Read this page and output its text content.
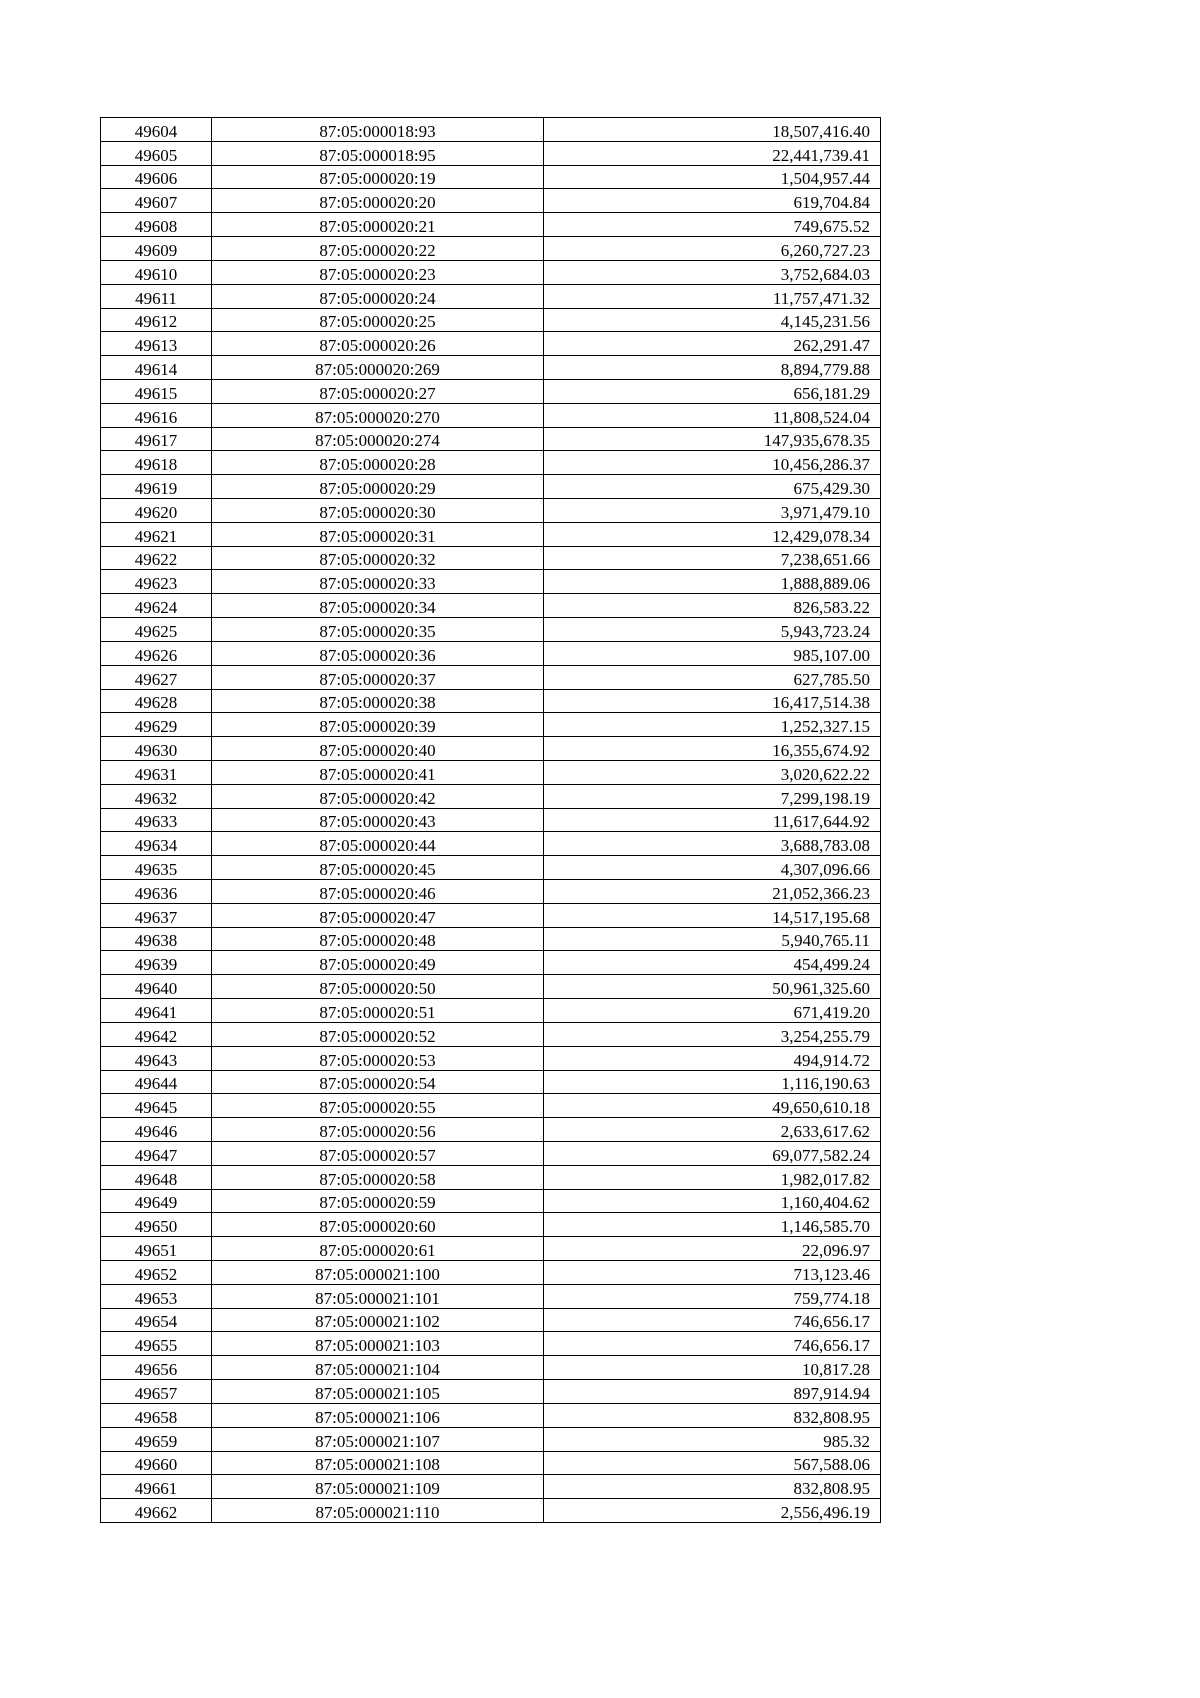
49604	87:05:000018:93	18,507,416.40
49605	87:05:000018:95	22,441,739.41
49606	87:05:000020:19	1,504,957.44
49607	87:05:000020:20	619,704.84
49608	87:05:000020:21	749,675.52
49609	87:05:000020:22	6,260,727.23
49610	87:05:000020:23	3,752,684.03
49611	87:05:000020:24	11,757,471.32
49612	87:05:000020:25	4,145,231.56
49613	87:05:000020:26	262,291.47
49614	87:05:000020:269	8,894,779.88
49615	87:05:000020:27	656,181.29
49616	87:05:000020:270	11,808,524.04
49617	87:05:000020:274	147,935,678.35
49618	87:05:000020:28	10,456,286.37
49619	87:05:000020:29	675,429.30
49620	87:05:000020:30	3,971,479.10
49621	87:05:000020:31	12,429,078.34
49622	87:05:000020:32	7,238,651.66
49623	87:05:000020:33	1,888,889.06
49624	87:05:000020:34	826,583.22
49625	87:05:000020:35	5,943,723.24
49626	87:05:000020:36	985,107.00
49627	87:05:000020:37	627,785.50
49628	87:05:000020:38	16,417,514.38
49629	87:05:000020:39	1,252,327.15
49630	87:05:000020:40	16,355,674.92
49631	87:05:000020:41	3,020,622.22
49632	87:05:000020:42	7,299,198.19
49633	87:05:000020:43	11,617,644.92
49634	87:05:000020:44	3,688,783.08
49635	87:05:000020:45	4,307,096.66
49636	87:05:000020:46	21,052,366.23
49637	87:05:000020:47	14,517,195.68
49638	87:05:000020:48	5,940,765.11
49639	87:05:000020:49	454,499.24
49640	87:05:000020:50	50,961,325.60
49641	87:05:000020:51	671,419.20
49642	87:05:000020:52	3,254,255.79
49643	87:05:000020:53	494,914.72
49644	87:05:000020:54	1,116,190.63
49645	87:05:000020:55	49,650,610.18
49646	87:05:000020:56	2,633,617.62
49647	87:05:000020:57	69,077,582.24
49648	87:05:000020:58	1,982,017.82
49649	87:05:000020:59	1,160,404.62
49650	87:05:000020:60	1,146,585.70
49651	87:05:000020:61	22,096.97
49652	87:05:000021:100	713,123.46
49653	87:05:000021:101	759,774.18
49654	87:05:000021:102	746,656.17
49655	87:05:000021:103	746,656.17
49656	87:05:000021:104	10,817.28
49657	87:05:000021:105	897,914.94
49658	87:05:000021:106	832,808.95
49659	87:05:000021:107	985.32
49660	87:05:000021:108	567,588.06
49661	87:05:000021:109	832,808.95
49662	87:05:000021:110	2,556,496.19
